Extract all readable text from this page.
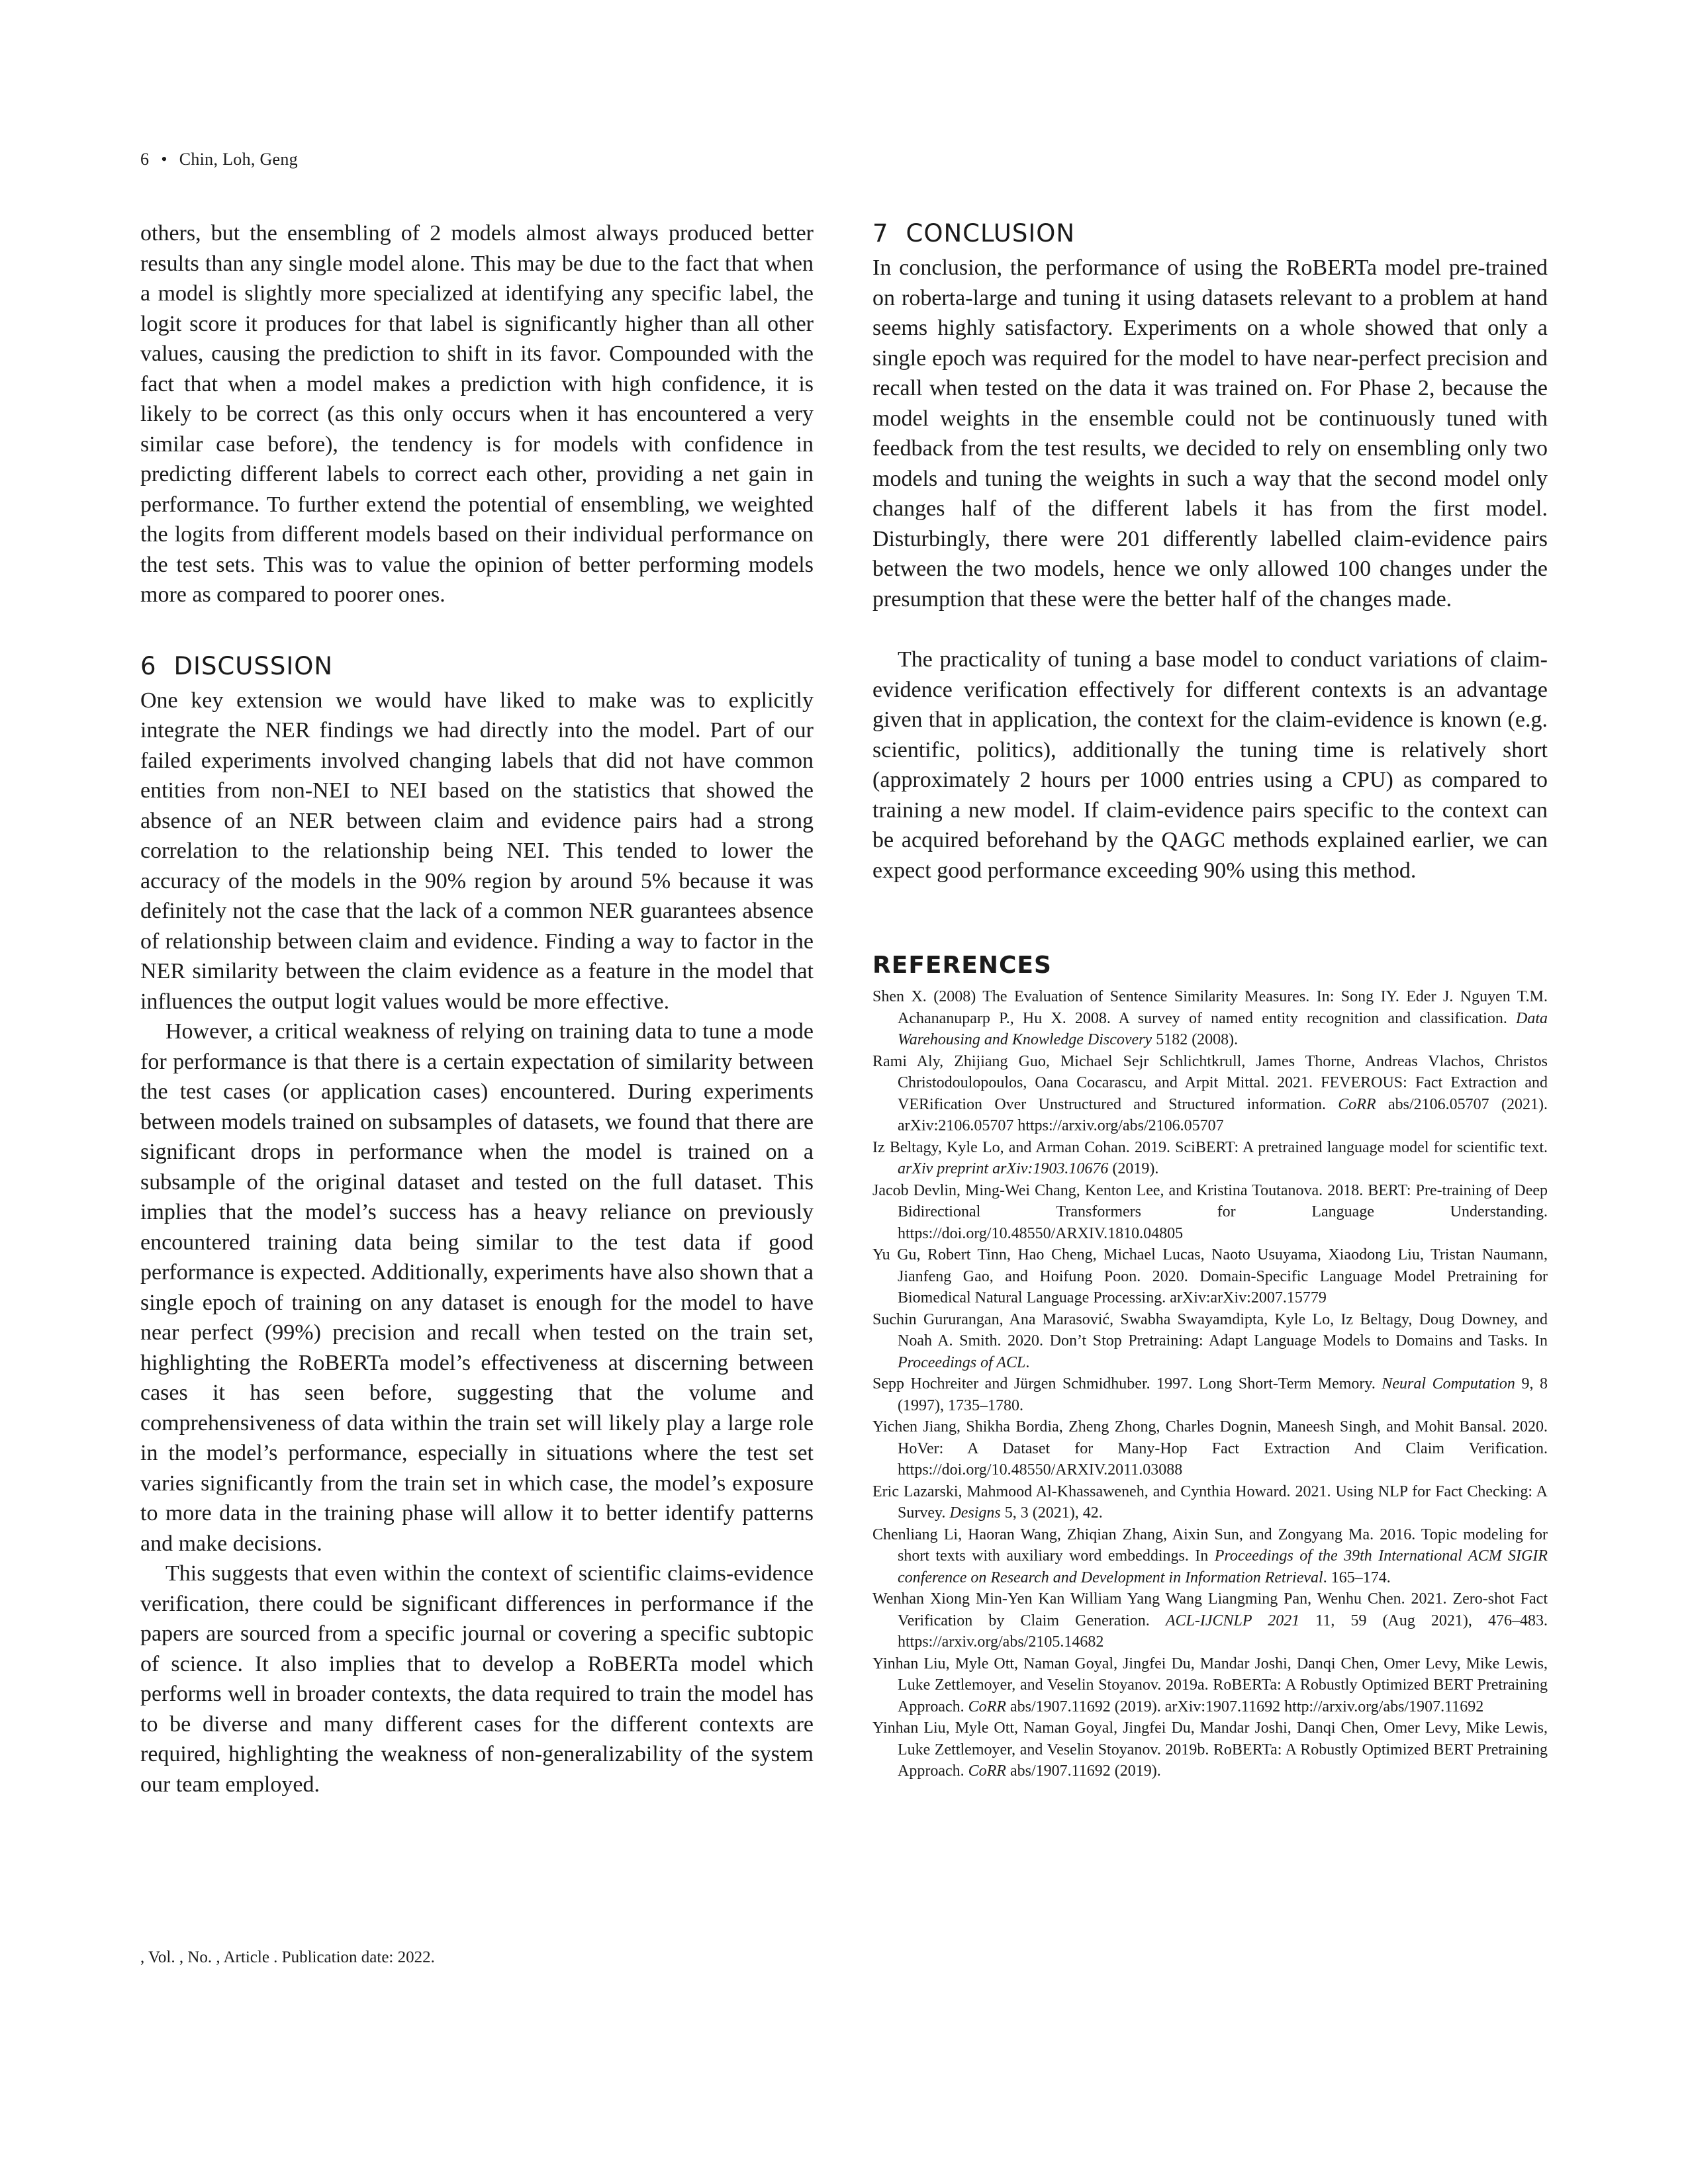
6 • Chin, Loh, Geng

others, but the ensembling of 2 models almost always produced better results than any single model alone. This may be due to the fact that when a model is slightly more specialized at identifying any specific label, the logit score it produces for that label is significantly higher than all other values, causing the prediction to shift in its favor. Compounded with the fact that when a model makes a prediction with high confidence, it is likely to be correct (as this only occurs when it has encountered a very similar case before), the tendency is for models with confidence in predicting different labels to correct each other, providing a net gain in performance. To further extend the potential of ensembling, we weighted the logits from different models based on their individual performance on the test sets. This was to value the opinion of better performing models more as compared to poorer ones.

6 DISCUSSION

One key extension we would have liked to make was to explicitly integrate the NER findings we had directly into the model. Part of our failed experiments involved changing labels that did not have common entities from non-NEI to NEI based on the statistics that showed the absence of an NER between claim and evidence pairs had a strong correlation to the relationship being NEI. This tended to lower the accuracy of the models in the 90% region by around 5% because it was definitely not the case that the lack of a common NER guarantees absence of relationship between claim and evidence. Finding a way to factor in the NER similarity between the claim evidence as a feature in the model that influences the output logit values would be more effective.

However, a critical weakness of relying on training data to tune a mode for performance is that there is a certain expectation of similarity between the test cases (or application cases) encountered. During experiments between models trained on subsamples of datasets, we found that there are significant drops in performance when the model is trained on a subsample of the original dataset and tested on the full dataset. This implies that the model’s success has a heavy reliance on previously encountered training data being similar to the test data if good performance is expected. Additionally, experiments have also shown that a single epoch of training on any dataset is enough for the model to have near perfect (99%) precision and recall when tested on the train set, highlighting the RoBERTa model’s effectiveness at discerning between cases it has seen before, suggesting that the volume and comprehensiveness of data within the train set will likely play a large role in the model’s performance, especially in situations where the test set varies significantly from the train set in which case, the model’s exposure to more data in the training phase will allow it to better identify patterns and make decisions.

This suggests that even within the context of scientific claims-evidence verification, there could be significant differences in performance if the papers are sourced from a specific journal or covering a specific subtopic of science. It also implies that to develop a RoBERTa model which performs well in broader contexts, the data required to train the model has to be diverse and many different cases for the different contexts are required, highlighting the weakness of non-generalizability of the system our team employed.

7 CONCLUSION

In conclusion, the performance of using the RoBERTa model pre-trained on roberta-large and tuning it using datasets relevant to a problem at hand seems highly satisfactory. Experiments on a whole showed that only a single epoch was required for the model to have near-perfect precision and recall when tested on the data it was trained on. For Phase 2, because the model weights in the ensemble could not be continuously tuned with feedback from the test results, we decided to rely on ensembling only two models and tuning the weights in such a way that the second model only changes half of the different labels it has from the first model. Disturbingly, there were 201 differently labelled claim-evidence pairs between the two models, hence we only allowed 100 changes under the presumption that these were the better half of the changes made.

The practicality of tuning a base model to conduct variations of claim-evidence verification effectively for different contexts is an advantage given that in application, the context for the claim-evidence is known (e.g. scientific, politics), additionally the tuning time is relatively short (approximately 2 hours per 1000 entries using a CPU) as compared to training a new model. If claim-evidence pairs specific to the context can be acquired beforehand by the QAGC methods explained earlier, we can expect good performance exceeding 90% using this method.

REFERENCES

Shen X. (2008) The Evaluation of Sentence Similarity Measures. In: Song IY. Eder J. Nguyen T.M. Achananuparp P., Hu X. 2008. A survey of named entity recognition and classification. Data Warehousing and Knowledge Discovery 5182 (2008).

Rami Aly, Zhijiang Guo, Michael Sejr Schlichtkrull, James Thorne, Andreas Vlachos, Christos Christodoulopoulos, Oana Cocarascu, and Arpit Mittal. 2021. FEVEROUS: Fact Extraction and VERification Over Unstructured and Structured information. CoRR abs/2106.05707 (2021). arXiv:2106.05707 https://arxiv.org/abs/2106.05707

Iz Beltagy, Kyle Lo, and Arman Cohan. 2019. SciBERT: A pretrained language model for scientific text. arXiv preprint arXiv:1903.10676 (2019).

Jacob Devlin, Ming-Wei Chang, Kenton Lee, and Kristina Toutanova. 2018. BERT: Pre-training of Deep Bidirectional Transformers for Language Understanding. https://doi.org/10.48550/ARXIV.1810.04805

Yu Gu, Robert Tinn, Hao Cheng, Michael Lucas, Naoto Usuyama, Xiaodong Liu, Tristan Naumann, Jianfeng Gao, and Hoifung Poon. 2020. Domain-Specific Language Model Pretraining for Biomedical Natural Language Processing. arXiv:arXiv:2007.15779

Suchin Gururangan, Ana Marasović, Swabha Swayamdipta, Kyle Lo, Iz Beltagy, Doug Downey, and Noah A. Smith. 2020. Don’t Stop Pretraining: Adapt Language Models to Domains and Tasks. In Proceedings of ACL.

Sepp Hochreiter and Jürgen Schmidhuber. 1997. Long Short-Term Memory. Neural Computation 9, 8 (1997), 1735–1780.

Yichen Jiang, Shikha Bordia, Zheng Zhong, Charles Dognin, Maneesh Singh, and Mohit Bansal. 2020. HoVer: A Dataset for Many-Hop Fact Extraction And Claim Verification. https://doi.org/10.48550/ARXIV.2011.03088

Eric Lazarski, Mahmood Al-Khassaweneh, and Cynthia Howard. 2021. Using NLP for Fact Checking: A Survey. Designs 5, 3 (2021), 42.

Chenliang Li, Haoran Wang, Zhiqian Zhang, Aixin Sun, and Zongyang Ma. 2016. Topic modeling for short texts with auxiliary word embeddings. In Proceedings of the 39th International ACM SIGIR conference on Research and Development in Information Retrieval. 165–174.

Wenhan Xiong Min-Yen Kan William Yang Wang Liangming Pan, Wenhu Chen. 2021. Zero-shot Fact Verification by Claim Generation. ACL-IJCNLP 2021 11, 59 (Aug 2021), 476–483. https://arxiv.org/abs/2105.14682

Yinhan Liu, Myle Ott, Naman Goyal, Jingfei Du, Mandar Joshi, Danqi Chen, Omer Levy, Mike Lewis, Luke Zettlemoyer, and Veselin Stoyanov. 2019a. RoBERTa: A Robustly Optimized BERT Pretraining Approach. CoRR abs/1907.11692 (2019). arXiv:1907.11692 http://arxiv.org/abs/1907.11692

Yinhan Liu, Myle Ott, Naman Goyal, Jingfei Du, Mandar Joshi, Danqi Chen, Omer Levy, Mike Lewis, Luke Zettlemoyer, and Veselin Stoyanov. 2019b. RoBERTa: A Robustly Optimized BERT Pretraining Approach. CoRR abs/1907.11692 (2019).

, Vol. , No. , Article . Publication date: 2022.
